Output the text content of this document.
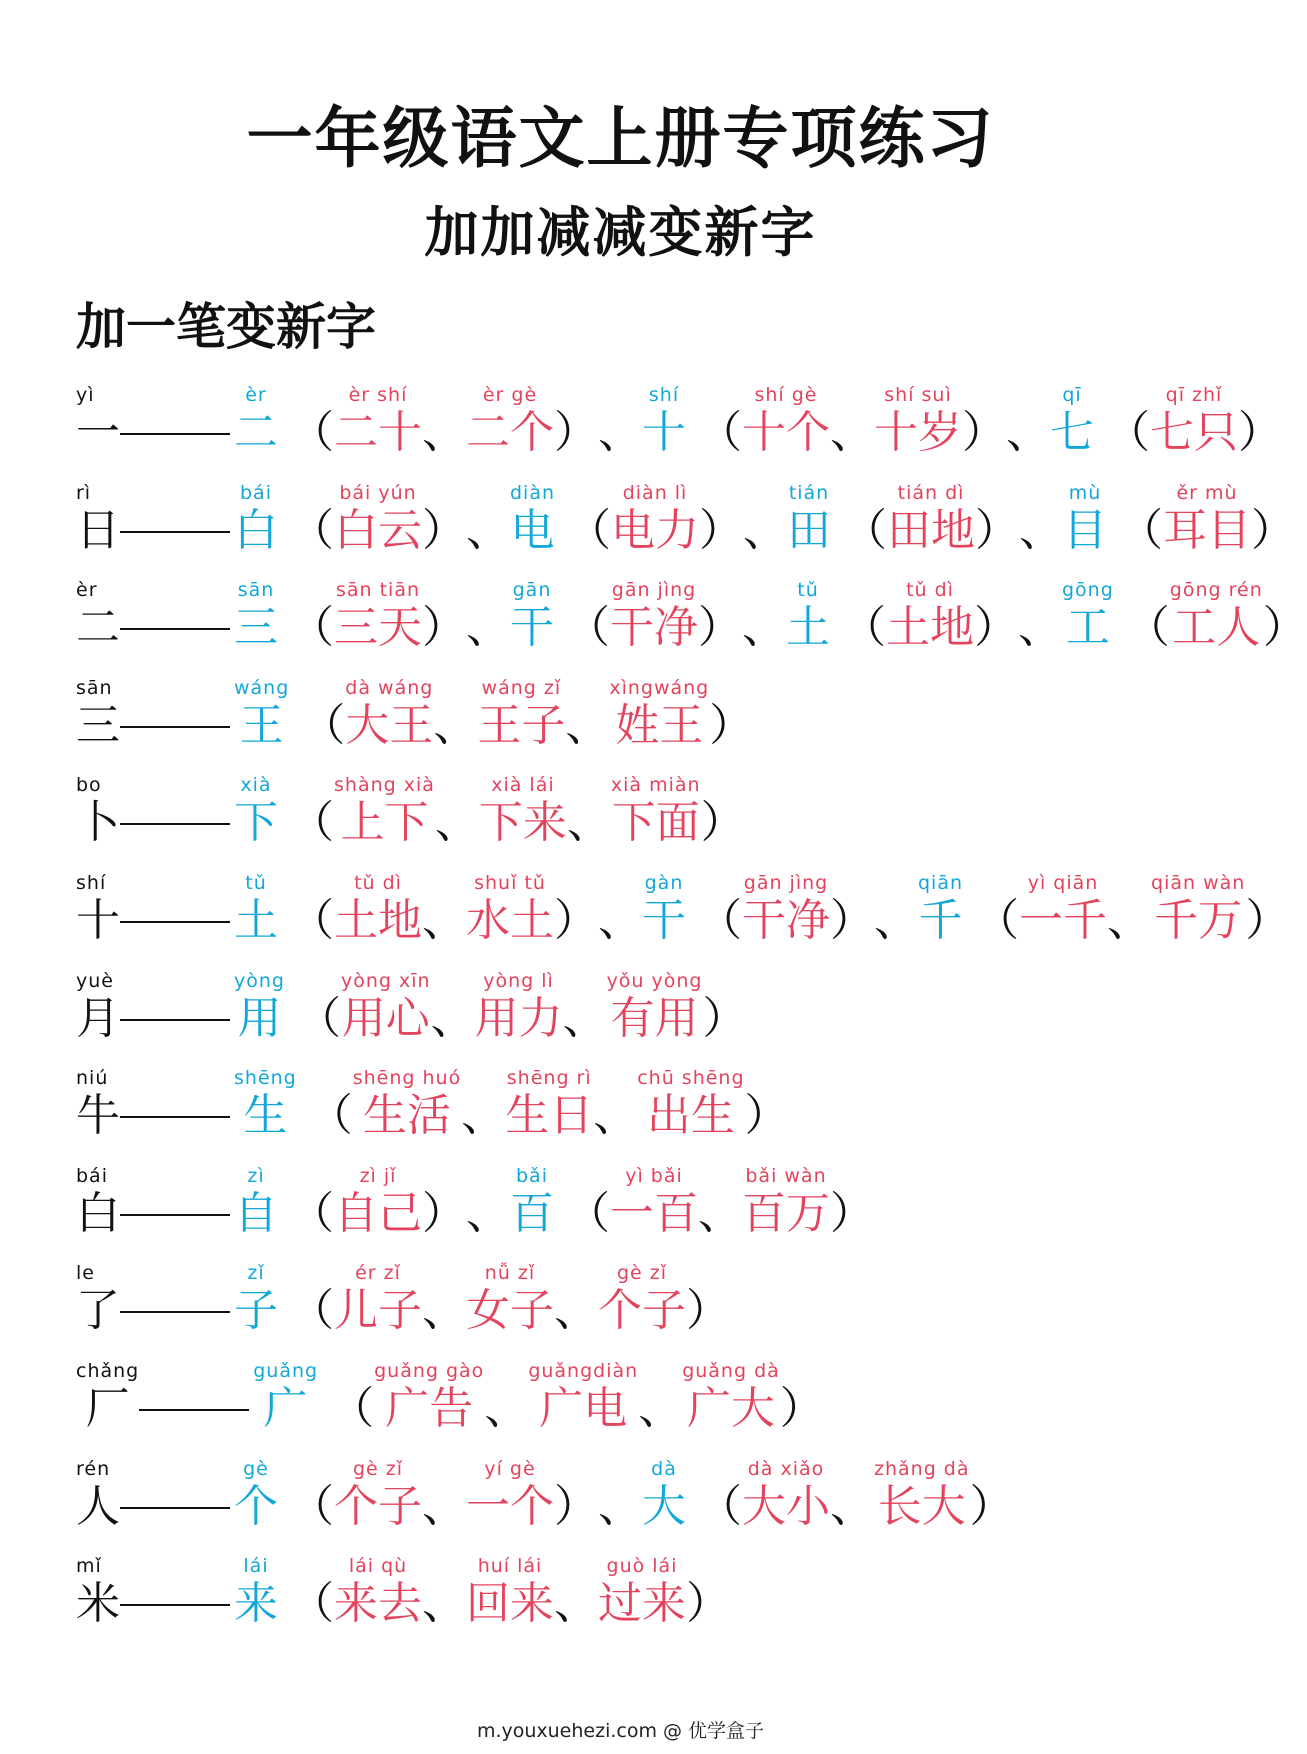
一年级语文上册专项练习
加加减减变新字
加一笔变新字
yì
一
èr
二 （
èr shí
二十 、
èr gè
二个 ）、
shí
十 （
shí gè
十个 、
shí suì
十岁 ）、
qī
七 （
qī zhǐ
七只 ）
rì
日
bái
白 （
bái yún
白云 ）、
diàn
电 （
diàn lì
电力 ）、
tián
田 （
tián dì
田地 ）、
mù
目 （
ěr mù
耳目 ）
èr
二
sān
三 （
sān tiān
三天 ）、
gān
干 （
gān jìng
干净 ）、
tǔ
土 （
tǔ dì
土地 ）、
gōng
工 （
gōng rén
工人 ）
sān
三
wáng
王 （
dà wáng
大王 、
wáng zǐ
王子 、
xìngwáng
姓王 ）
bo
卜
xià
下 （
shàng xià
上下 、
xià lái
下来 、
xià miàn
下面 ）
shí
十
tǔ
土 （
tǔ dì
土地 、
shuǐ tǔ
水土 ）、
gàn
干 （
gān jìng
干净 ）、
qiān
千 （
yì qiān
一千 、
qiān wàn
千万 ）
yuè
月
yòng
用 （
yòng xīn
用心 、
yòng lì
用力 、
yǒu yòng
有用 ）
niú
牛
shēng
生 （
shēng huó
生活 、
shēng rì
生日 、
chū shēng
出生 ）
bái
白
zì
自 （
zì jǐ
自己 ）、
bǎi
百 （
yì bǎi
一百 、
bǎi wàn
百万 ）
le
了
zǐ
子 （
ér zǐ
儿子 、
nǚ zǐ
女子 、
gè zǐ
个子 ）
chǎng
厂
guǎng
广 （
guǎng gào
广告 、
guǎngdiàn
广电 、
guǎng dà
广大 ）
rén
人
gè
个 （
gè zǐ
个子 、
yí gè
一个 ）、
dà
大 （
dà xiǎo
大小 、
zhǎng dà
长大 ）
mǐ
米
lái
来 （
lái qù
来去 、
huí lái
回来 、
guò lái
过来 ）
m.youxuehezi.com @ 优学盒子
